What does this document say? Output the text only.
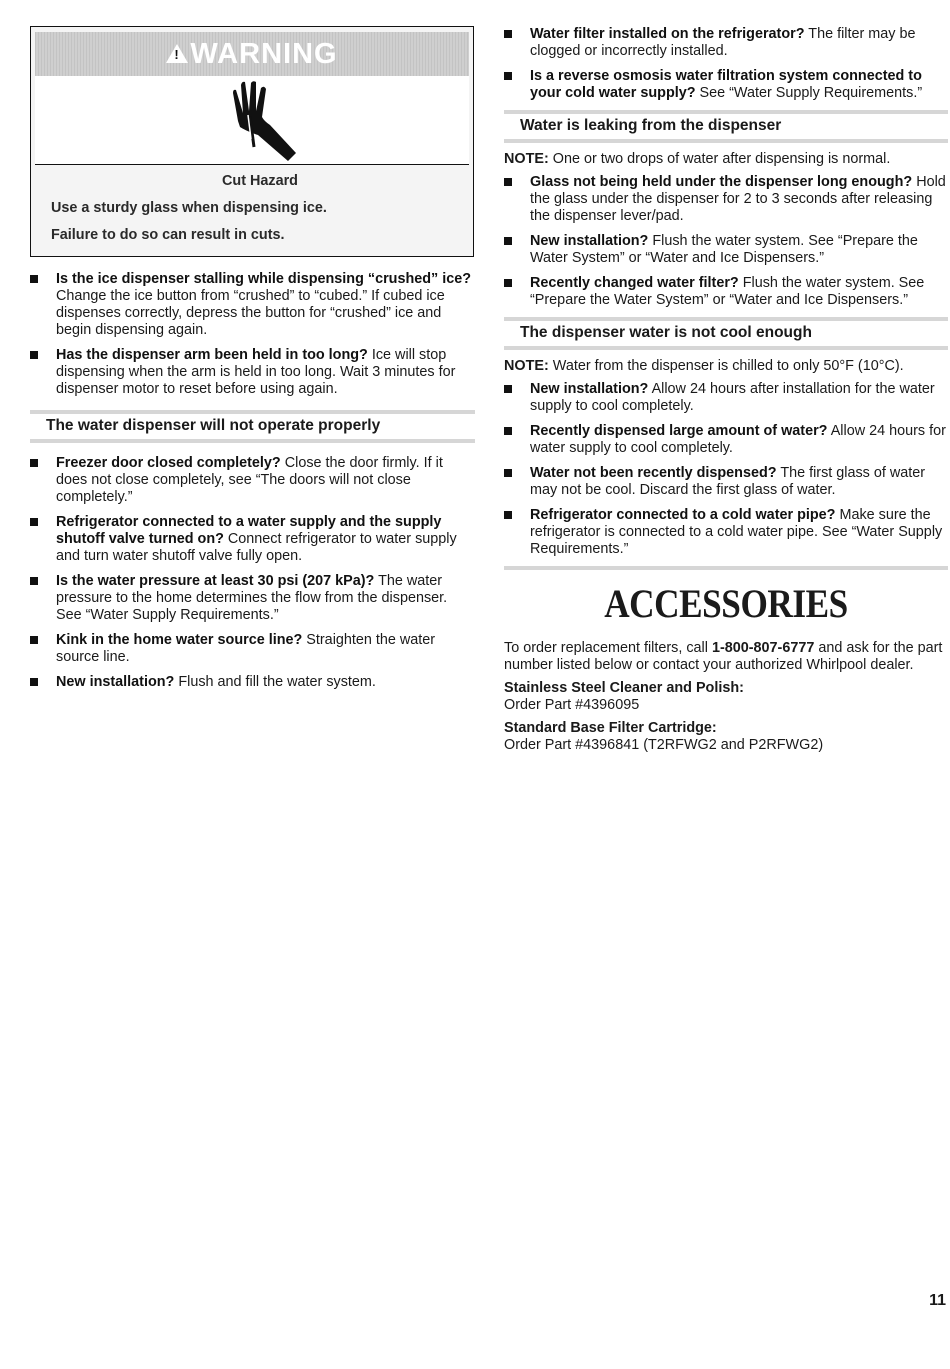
! WARNING
Cut Hazard
Use a sturdy glass when dispensing ice.
Failure to do so can result in cuts.
Is the ice dispenser stalling while dispensing “crushed” ice? Change the ice button from “crushed” to “cubed.” If cubed ice dispenses correctly, depress the button for “crushed” ice and begin dispensing again.
Has the dispenser arm been held in too long? Ice will stop dispensing when the arm is held in too long. Wait 3 minutes for dispenser motor to reset before using again.
The water dispenser will not operate properly
Freezer door closed completely? Close the door firmly. If it does not close completely, see “The doors will not close completely.”
Refrigerator connected to a water supply and the supply shutoff valve turned on? Connect refrigerator to water supply and turn water shutoff valve fully open.
Is the water pressure at least 30 psi (207 kPa)? The water pressure to the home determines the flow from the dispenser. See “Water Supply Requirements.”
Kink in the home water source line? Straighten the water source line.
New installation? Flush and fill the water system.
Water filter installed on the refrigerator? The filter may be clogged or incorrectly installed.
Is a reverse osmosis water filtration system connected to your cold water supply? See “Water Supply Requirements.”
Water is leaking from the dispenser
NOTE: One or two drops of water after dispensing is normal.
Glass not being held under the dispenser long enough? Hold the glass under the dispenser for 2 to 3 seconds after releasing the dispenser lever/pad.
New installation? Flush the water system. See “Prepare the Water System” or “Water and Ice Dispensers.”
Recently changed water filter? Flush the water system. See “Prepare the Water System” or “Water and Ice Dispensers.”
The dispenser water is not cool enough
NOTE: Water from the dispenser is chilled to only 50°F (10°C).
New installation? Allow 24 hours after installation for the water supply to cool completely.
Recently dispensed large amount of water? Allow 24 hours for water supply to cool completely.
Water not been recently dispensed? The first glass of water may not be cool. Discard the first glass of water.
Refrigerator connected to a cold water pipe? Make sure the refrigerator is connected to a cold water pipe. See “Water Supply Requirements.”
ACCESSORIES
To order replacement filters, call 1-800-807-6777 and ask for the part number listed below or contact your authorized Whirlpool dealer.
Stainless Steel Cleaner and Polish:
Order Part #4396095
Standard Base Filter Cartridge:
Order Part #4396841 (T2RFWG2 and P2RFWG2)
11
